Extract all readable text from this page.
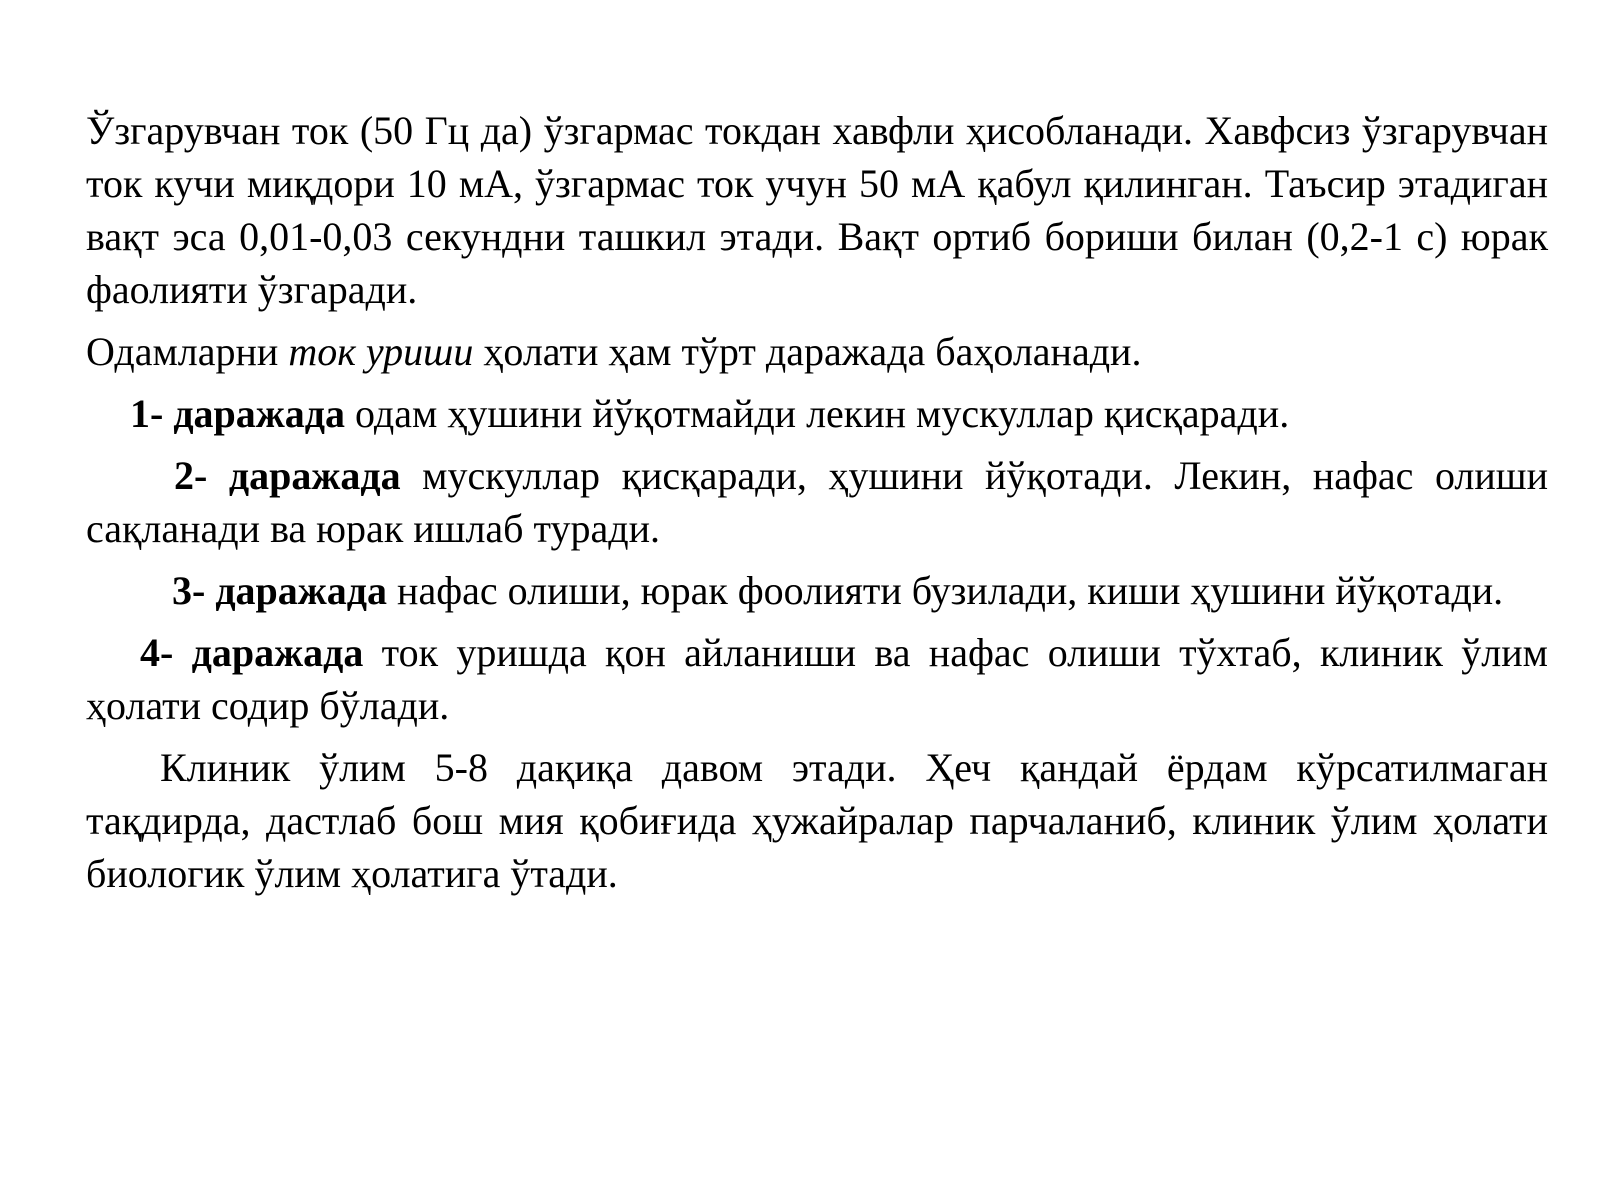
Ўзгарувчан ток (50 Гц да) ўзгармас токдан хавфли ҳисобланади. Хавфсиз ўзгарувчан ток кучи миқдори 10 мА, ўзгармас ток учун 50 мА қабул қилинган. Таъсир этадиган вақт эса 0,01-0,03 секундни ташкил этади. Вақт ортиб бориши билан (0,2-1 с) юрак фаолияти ўзгаради.

Одамларни ток уриши ҳолати ҳам тўрт даражада баҳоланади.

1- даражада одам ҳушини йўқотмайди лекин мускуллар қисқаради.

2- даражада мускуллар қисқаради, ҳушини йўқотади. Лекин, нафас олиши сақланади ва юрак ишлаб туради.

3- даражада нафас олиши, юрак фоолияти бузилади, киши ҳушини йўқотади.

4- даражада ток уришда қон айланиши ва нафас олиши тўхтаб, клиник ўлим ҳолати содир бўлади.

Клиник ўлим 5-8 дақиқа давом этади. Ҳеч қандай ёрдам кўрсатилмаган тақдирда, дастлаб бош мия қобиғида ҳужайралар парчаланиб, клиник ўлим ҳолати биологик ўлим ҳолатига ўтади.
